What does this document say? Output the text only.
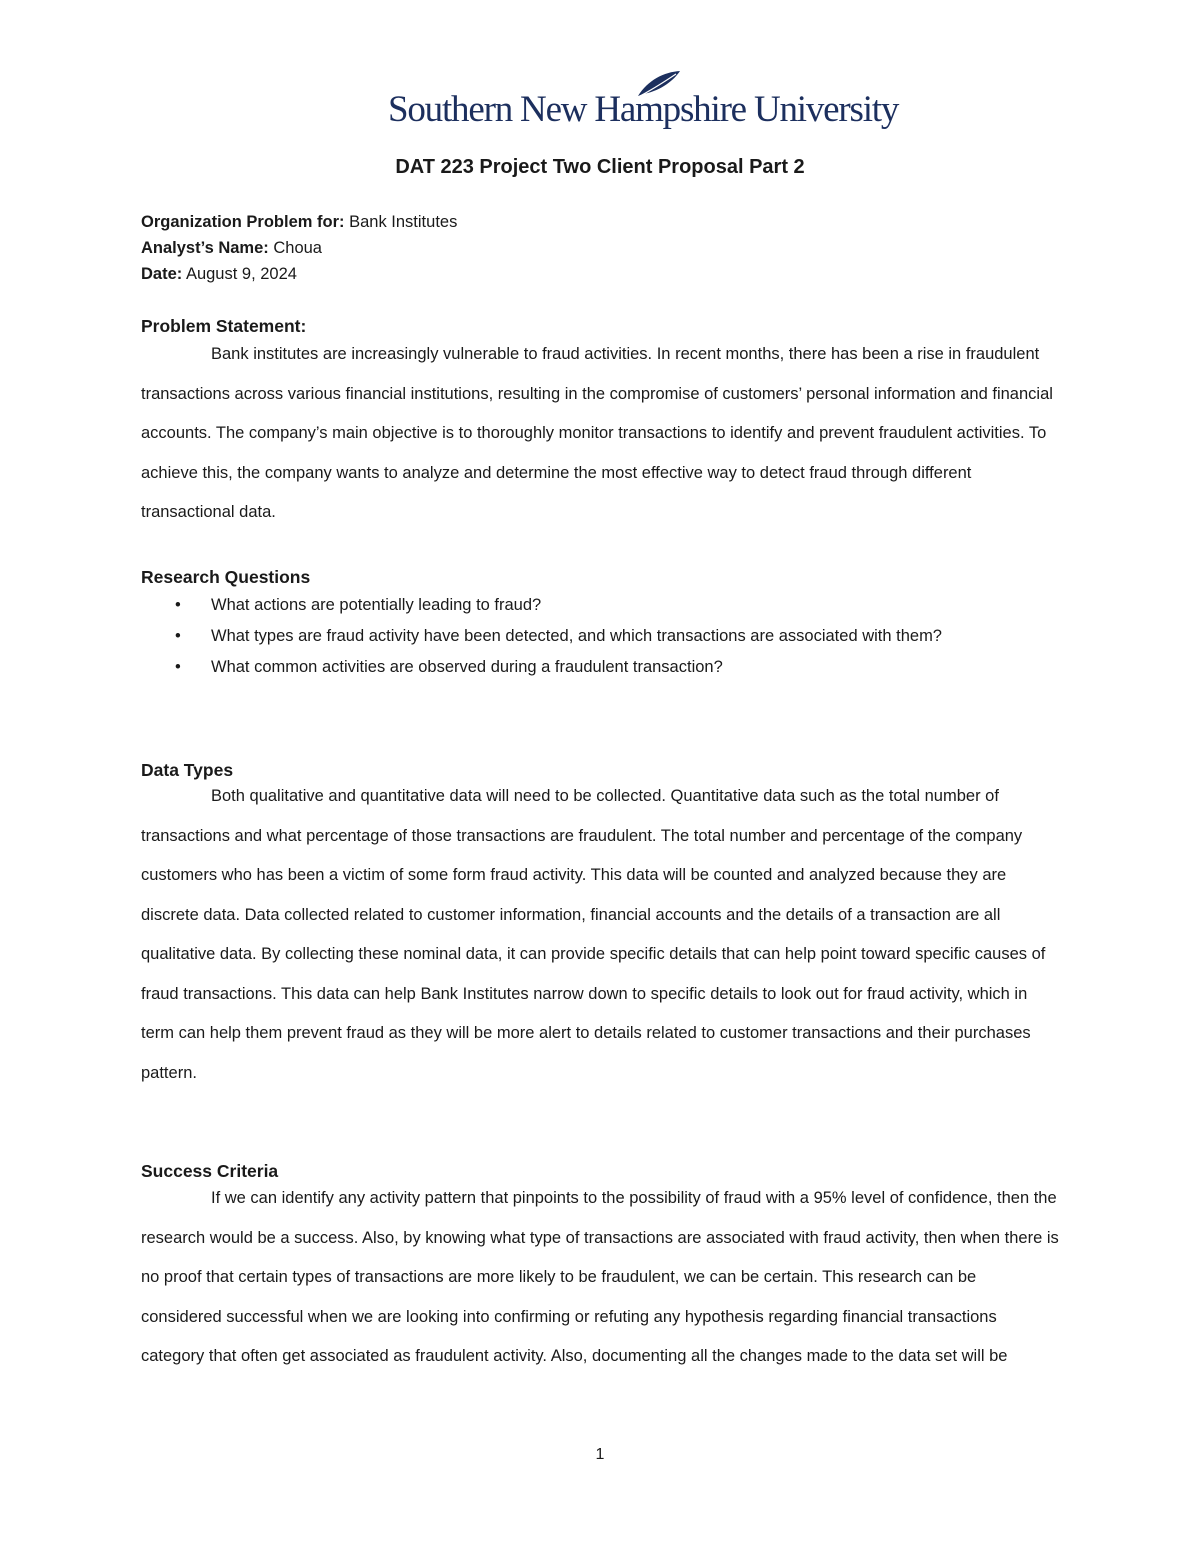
Southern New Hampshire University
DAT 223 Project Two Client Proposal Part 2
Organization Problem for: Bank Institutes
Analyst’s Name: Choua
Date: August 9, 2024
Problem Statement:
Bank institutes are increasingly vulnerable to fraud activities. In recent months, there has been a rise in fraudulent transactions across various financial institutions, resulting in the compromise of customers’ personal information and financial accounts. The company’s main objective is to thoroughly monitor transactions to identify and prevent fraudulent activities. To achieve this, the company wants to analyze and determine the most effective way to detect fraud through different transactional data.
Research Questions
• What actions are potentially leading to fraud?
• What types are fraud activity have been detected, and which transactions are associated with them?
• What common activities are observed during a fraudulent transaction?
Data Types
Both qualitative and quantitative data will need to be collected. Quantitative data such as the total number of transactions and what percentage of those transactions are fraudulent. The total number and percentage of the company customers who has been a victim of some form fraud activity. This data will be counted and analyzed because they are discrete data. Data collected related to customer information, financial accounts and the details of a transaction are all qualitative data. By collecting these nominal data, it can provide specific details that can help point toward specific causes of fraud transactions. This data can help Bank Institutes narrow down to specific details to look out for fraud activity, which in term can help them prevent fraud as they will be more alert to details related to customer transactions and their purchases pattern.
Success Criteria
If we can identify any activity pattern that pinpoints to the possibility of fraud with a 95% level of confidence, then the research would be a success. Also, by knowing what type of transactions are associated with fraud activity, then when there is no proof that certain types of transactions are more likely to be fraudulent, we can be certain. This research can be considered successful when we are looking into confirming or refuting any hypothesis regarding financial transactions category that often get associated as fraudulent activity. Also, documenting all the changes made to the data set will be
1
